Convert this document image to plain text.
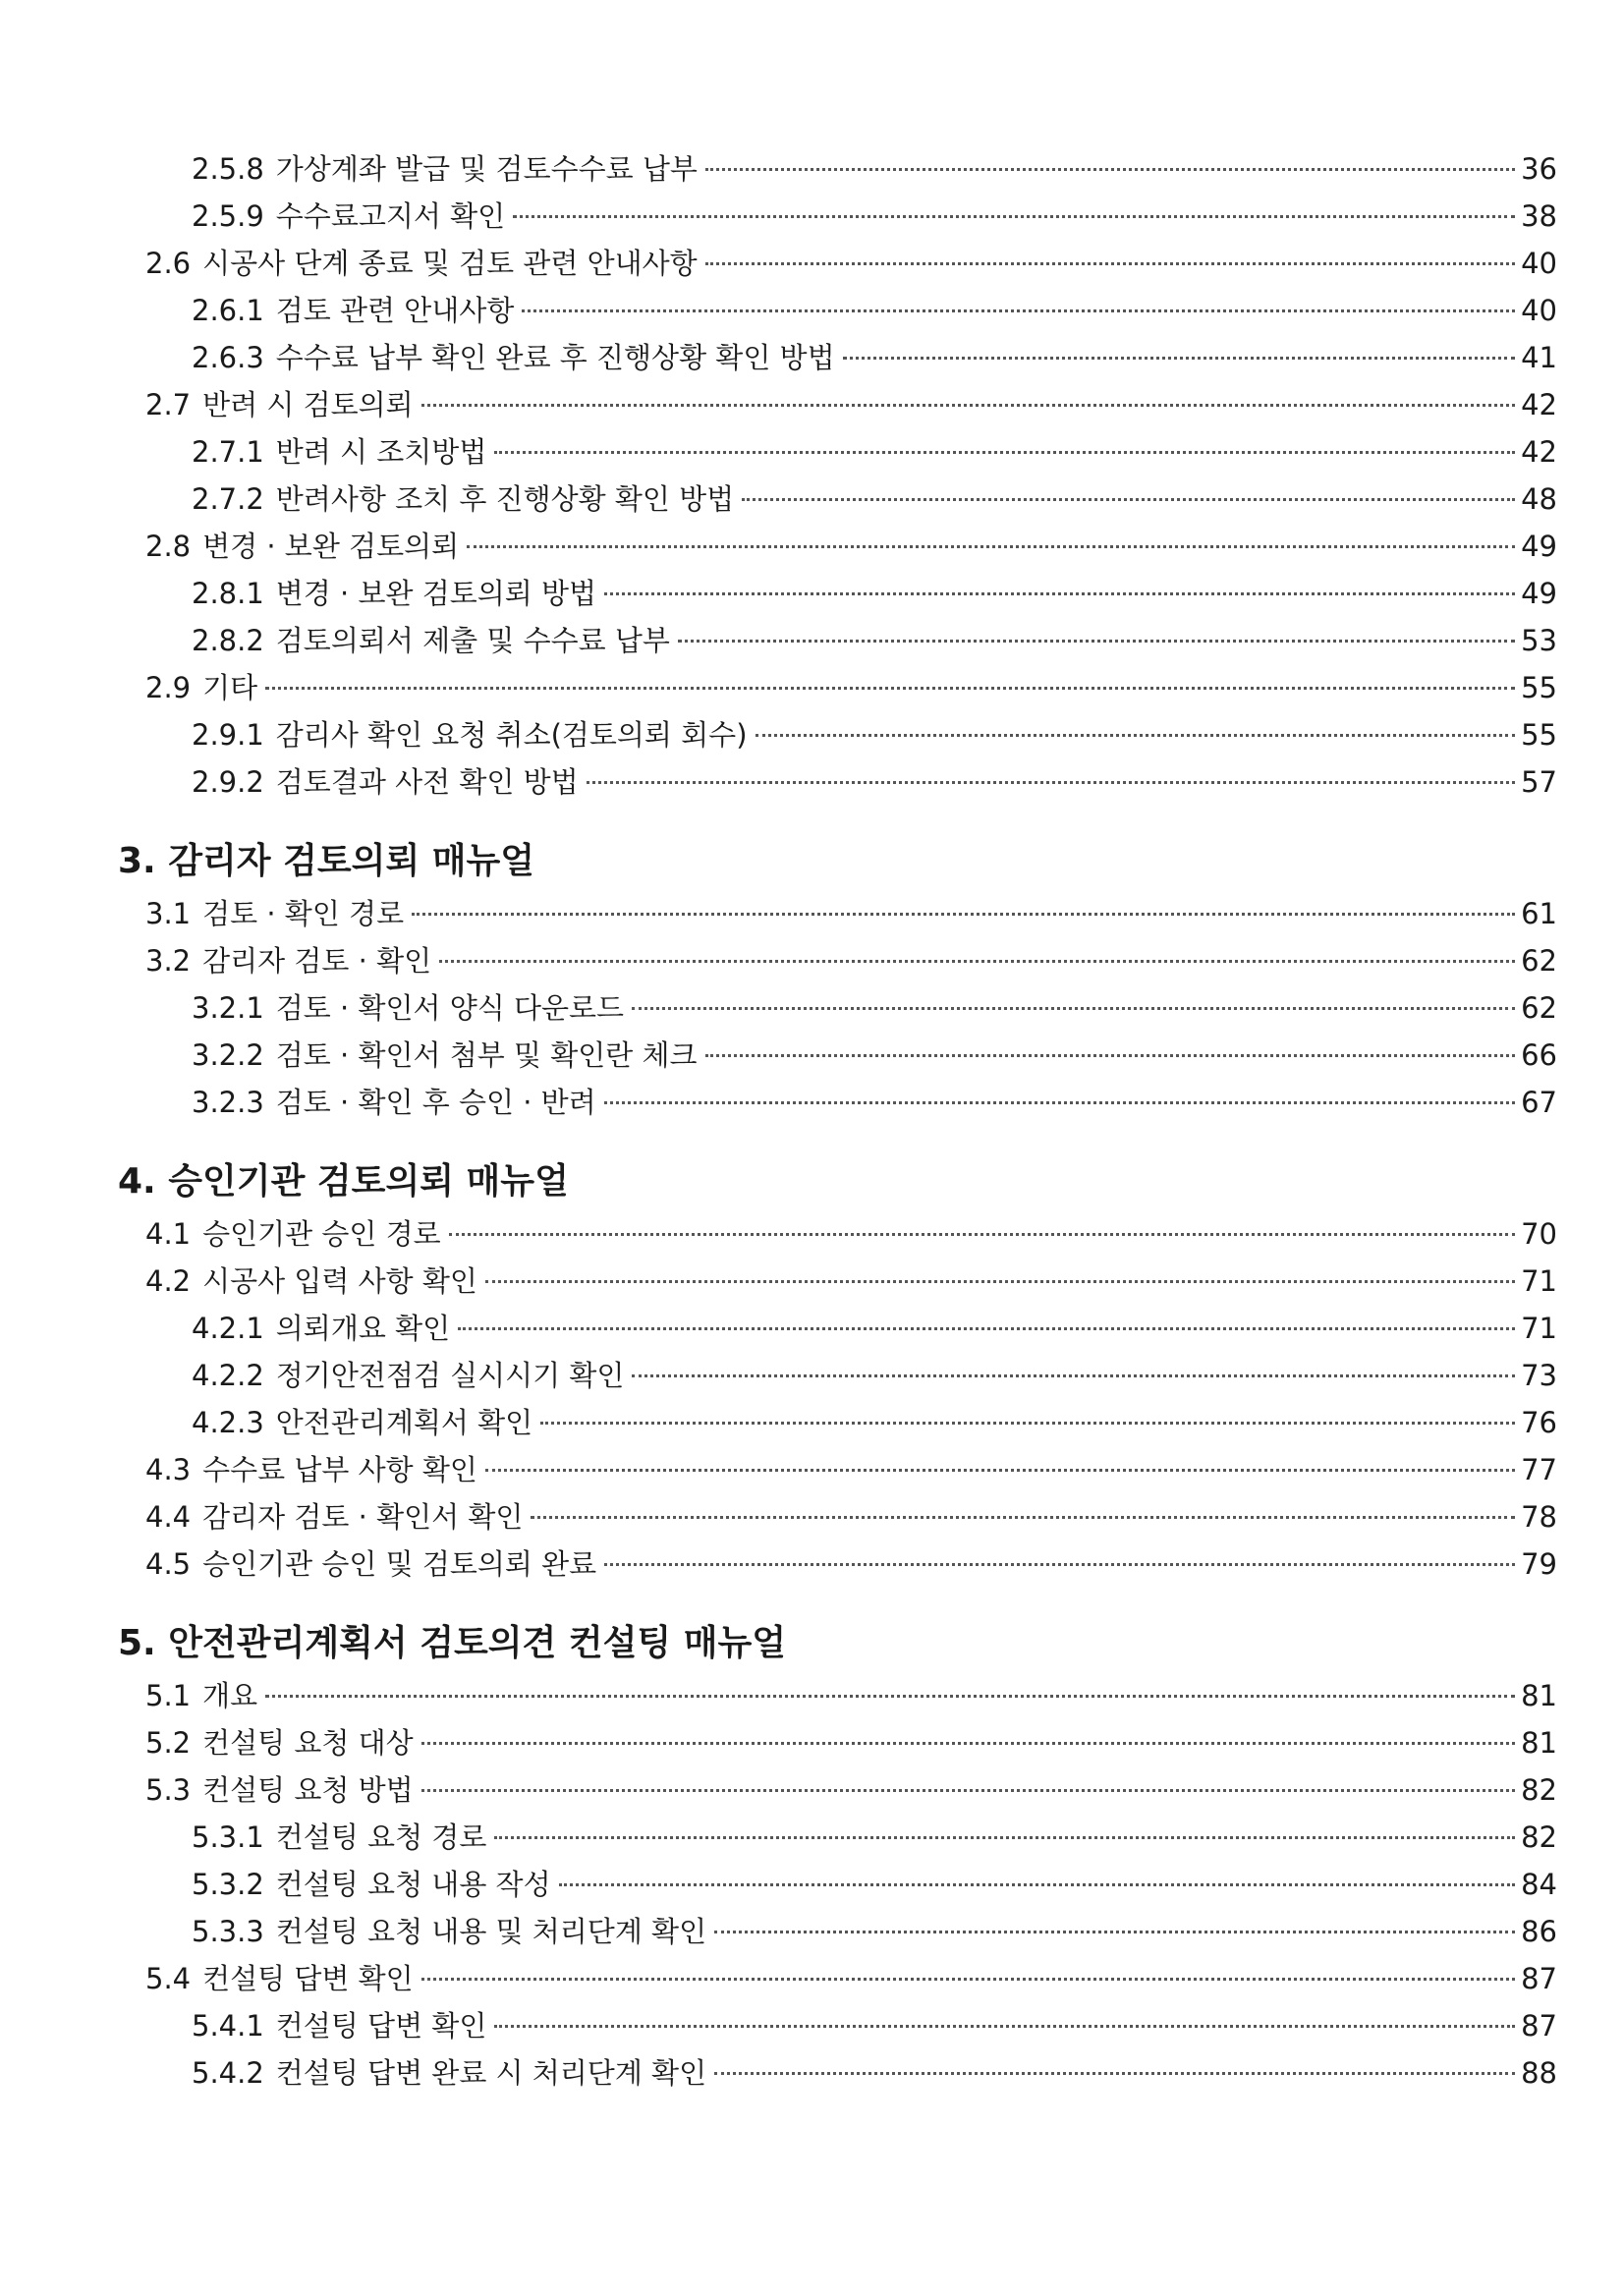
2.5.8 가상계좌 발급 및 검토수수료 납부	36
2.5.9 수수료고지서 확인	38
2.6 시공사 단계 종료 및 검토 관련 안내사항	40
2.6.1 검토 관련 안내사항	40
2.6.3 수수료 납부 확인 완료 후 진행상황 확인 방법	41
2.7 반려 시 검토의뢰	42
2.7.1 반려 시 조치방법	42
2.7.2 반려사항 조치 후 진행상황 확인 방법	48
2.8 변경 · 보완 검토의뢰	49
2.8.1 변경 · 보완 검토의뢰 방법	49
2.8.2 검토의뢰서 제출 및 수수료 납부	53
2.9 기타	55
2.9.1 감리사 확인 요청 취소(검토의뢰 회수)	55
2.9.2 검토결과 사전 확인 방법	57
3. 감리자 검토의뢰 매뉴얼
3.1 검토 · 확인 경로	61
3.2 감리자 검토 · 확인	62
3.2.1 검토 · 확인서 양식 다운로드	62
3.2.2 검토 · 확인서 첨부 및 확인란 체크	66
3.2.3 검토 · 확인 후 승인 · 반려	67
4. 승인기관 검토의뢰 매뉴얼
4.1 승인기관 승인 경로	70
4.2 시공사 입력 사항 확인	71
4.2.1 의뢰개요 확인	71
4.2.2 정기안전점검 실시시기 확인	73
4.2.3 안전관리계획서 확인	76
4.3 수수료 납부 사항 확인	77
4.4 감리자 검토 · 확인서 확인	78
4.5 승인기관 승인 및 검토의뢰 완료	79
5. 안전관리계획서 검토의견 컨설팅 매뉴얼
5.1 개요	81
5.2 컨설팅 요청 대상	81
5.3 컨설팅 요청 방법	82
5.3.1 컨설팅 요청 경로	82
5.3.2 컨설팅 요청 내용 작성	84
5.3.3 컨설팅 요청 내용 및 처리단계 확인	86
5.4 컨설팅 답변 확인	87
5.4.1 컨설팅 답변 확인	87
5.4.2 컨설팅 답변 완료 시 처리단계 확인	88
